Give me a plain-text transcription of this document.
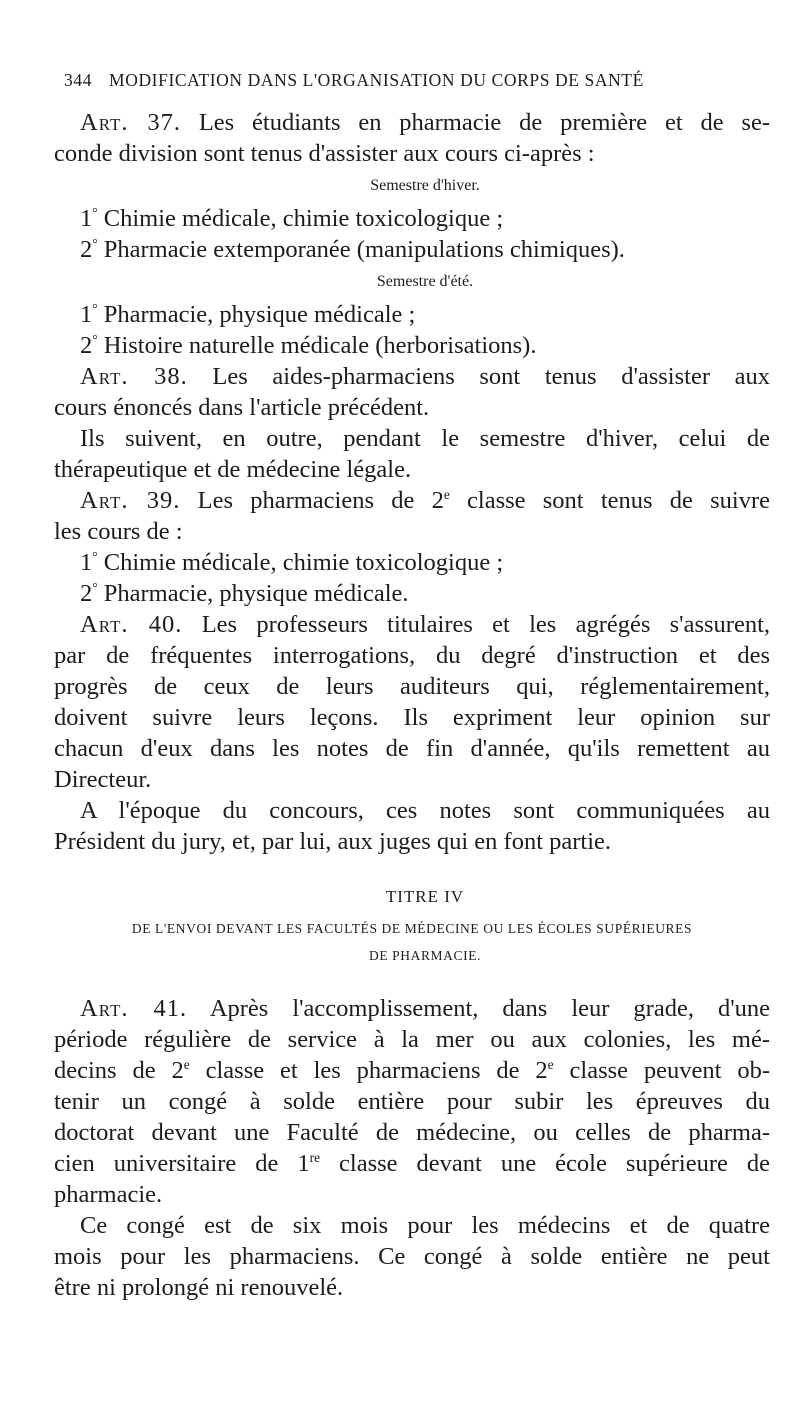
344 MODIFICATION DANS L'ORGANISATION DU CORPS DE SANTÉ
Art. 37. Les étudiants en pharmacie de première et de se-
conde division sont tenus d'assister aux cours ci-après :
Semestre d'hiver.
1° Chimie médicale, chimie toxicologique ;
2° Pharmacie extemporanée (manipulations chimiques).
Semestre d'été.
1° Pharmacie, physique médicale ;
2° Histoire naturelle médicale (herborisations).
Art. 38. Les aides-pharmaciens sont tenus d'assister aux
cours énoncés dans l'article précédent.
Ils suivent, en outre, pendant le semestre d'hiver, celui de
thérapeutique et de médecine légale.
Art. 39. Les pharmaciens de 2e classe sont tenus de suivre
les cours de :
1° Chimie médicale, chimie toxicologique ;
2° Pharmacie, physique médicale.
Art. 40. Les professeurs titulaires et les agrégés s'assurent,
par de fréquentes interrogations, du degré d'instruction et des
progrès de ceux de leurs auditeurs qui, réglementairement,
doivent suivre leurs leçons. Ils expriment leur opinion sur
chacun d'eux dans les notes de fin d'année, qu'ils remettent au
Directeur.
A l'époque du concours, ces notes sont communiquées au
Président du jury, et, par lui, aux juges qui en font partie.
TITRE IV
DE L'ENVOI DEVANT LES FACULTÉS DE MÉDECINE OU LES ÉCOLES SUPÉRIEURES
DE PHARMACIE.
Art. 41. Après l'accomplissement, dans leur grade, d'une
période régulière de service à la mer ou aux colonies, les mé-
decins de 2e classe et les pharmaciens de 2e classe peuvent ob-
tenir un congé à solde entière pour subir les épreuves du
doctorat devant une Faculté de médecine, ou celles de pharma-
cien universitaire de 1re classe devant une école supérieure de
pharmacie.
Ce congé est de six mois pour les médecins et de quatre
mois pour les pharmaciens. Ce congé à solde entière ne peut
être ni prolongé ni renouvelé.
